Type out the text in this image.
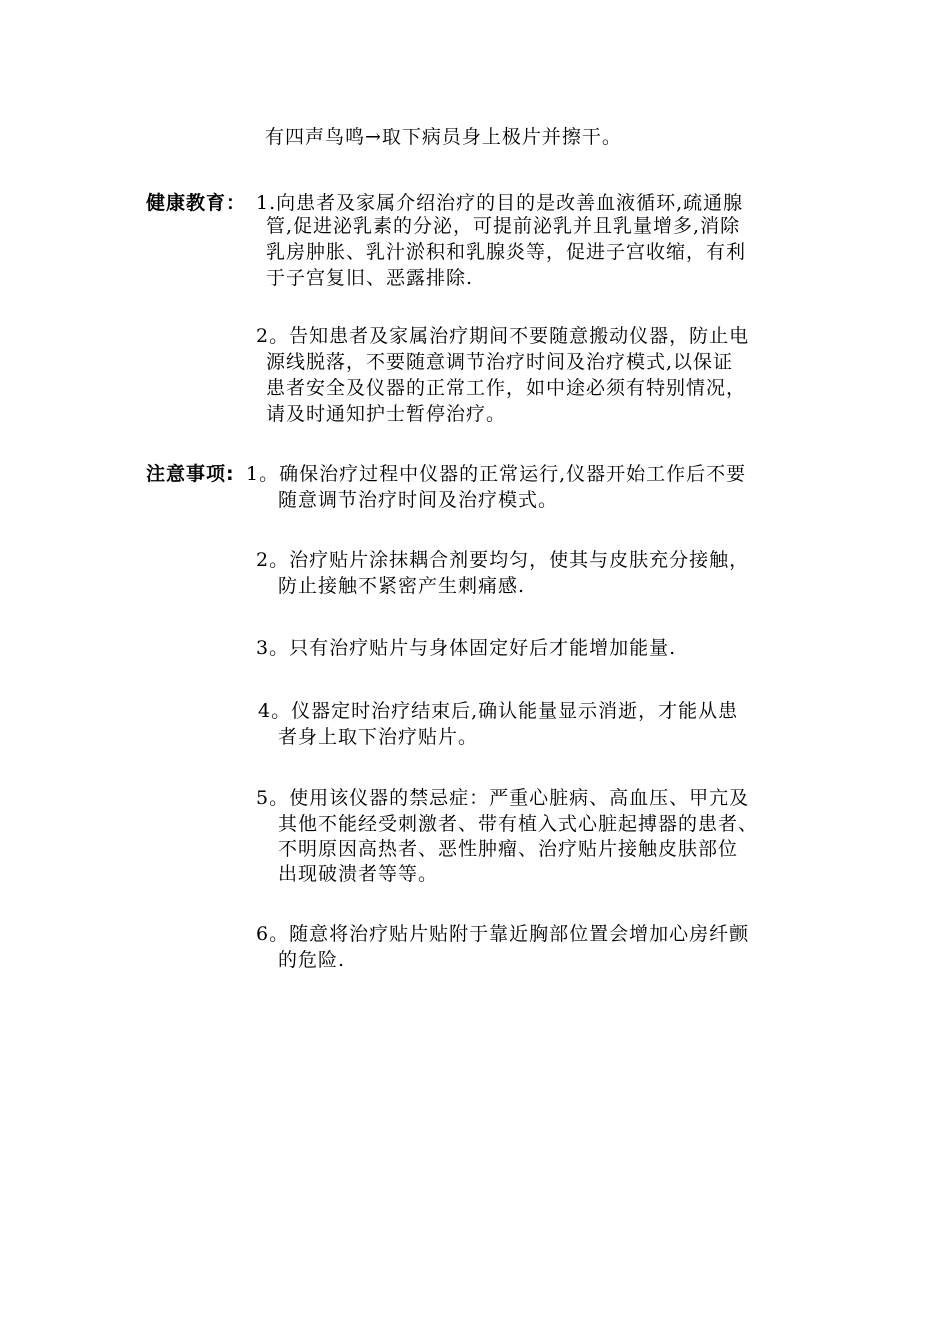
有四声鸟鸣→取下病员身上极片并擦干。
健康教育： 1.向患者及家属介绍治疗的目的是改善血液循环,疏通腺
管,促进泌乳素的分泌，可提前泌乳并且乳量增多,消除
乳房肿胀、乳汁淤积和乳腺炎等，促进子宫收缩，有利
于子宫复旧、恶露排除.
2。告知患者及家属治疗期间不要随意搬动仪器，防止电
源线脱落，不要随意调节治疗时间及治疗模式,以保证
患者安全及仪器的正常工作，如中途必须有特别情况，
请及时通知护士暂停治疗。
注意事项: 1。确保治疗过程中仪器的正常运行,仪器开始工作后不要
随意调节治疗时间及治疗模式。
2。治疗贴片涂抹耦合剂要均匀，使其与皮肤充分接触，
防止接触不紧密产生刺痛感.
3。只有治疗贴片与身体固定好后才能增加能量.
4。仪器定时治疗结束后,确认能量显示消逝，才能从患
者身上取下治疗贴片。
5。使用该仪器的禁忌症：严重心脏病、高血压、甲亢及
其他不能经受刺激者、带有植入式心脏起搏器的患者、
不明原因高热者、恶性肿瘤、治疗贴片接触皮肤部位
出现破溃者等等。
6。随意将治疗贴片贴附于靠近胸部位置会增加心房纤颤
的危险.
